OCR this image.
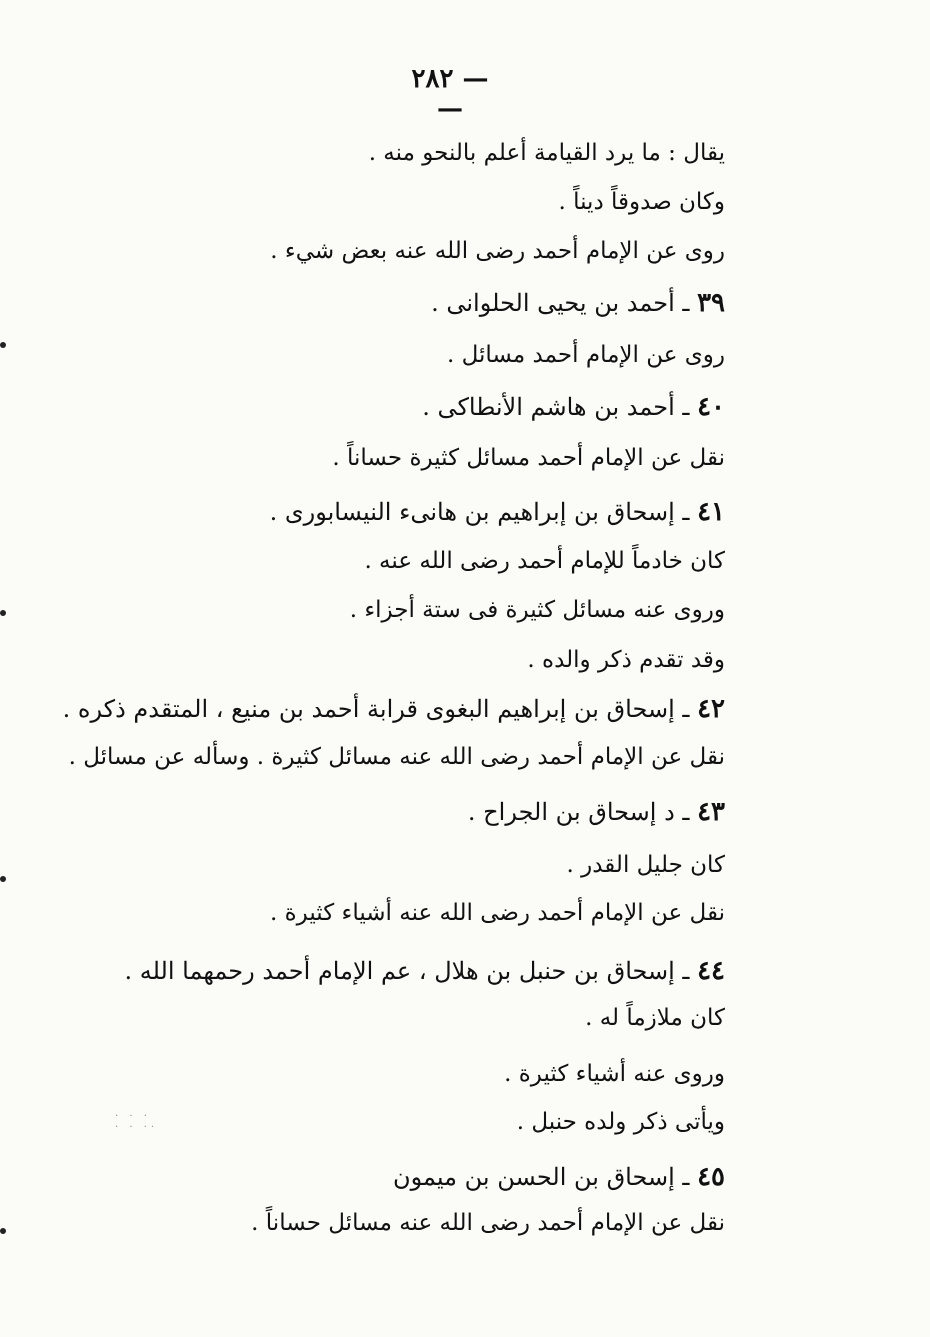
— ٢٨٢ —
يقال : ما يرد القيامة أعلم بالنحو منه .
وكان صدوقاً ديناً .
روى عن الإمام أحمد رضى الله عنه بعض شيء .
٣٩ ـ أحمد بن يحيى الحلوانى .
روى عن الإمام أحمد مسائل .
٤٠ ـ أحمد بن هاشم الأنطاكى .
نقل عن الإمام أحمد مسائل كثيرة حساناً .
٤١ ـ إسحاق بن إبراهيم بن هانىء النيسابورى .
كان خادماً للإمام أحمد رضى الله عنه .
وروى عنه مسائل كثيرة فى ستة أجزاء .
وقد تقدم ذكر والده .
٤٢ ـ إسحاق بن إبراهيم البغوى قرابة أحمد بن منيع ، المتقدم ذكره .
نقل عن الإمام أحمد رضى الله عنه مسائل كثيرة . وسأله عن مسائل .
٤٣ ـ د إسحاق بن الجراح .
كان جليل القدر .
نقل عن الإمام أحمد رضى الله عنه أشياء كثيرة .
٤٤ ـ إسحاق بن حنبل بن هلال ، عم الإمام أحمد رحمهما الله .
كان ملازماً له .
وروى عنه أشياء كثيرة .
ويأتى ذكر ولده حنبل .
٤٥ ـ إسحاق بن الحسن بن ميمون
نقل عن الإمام أحمد رضى الله عنه مسائل حساناً .
. . . . . ..
